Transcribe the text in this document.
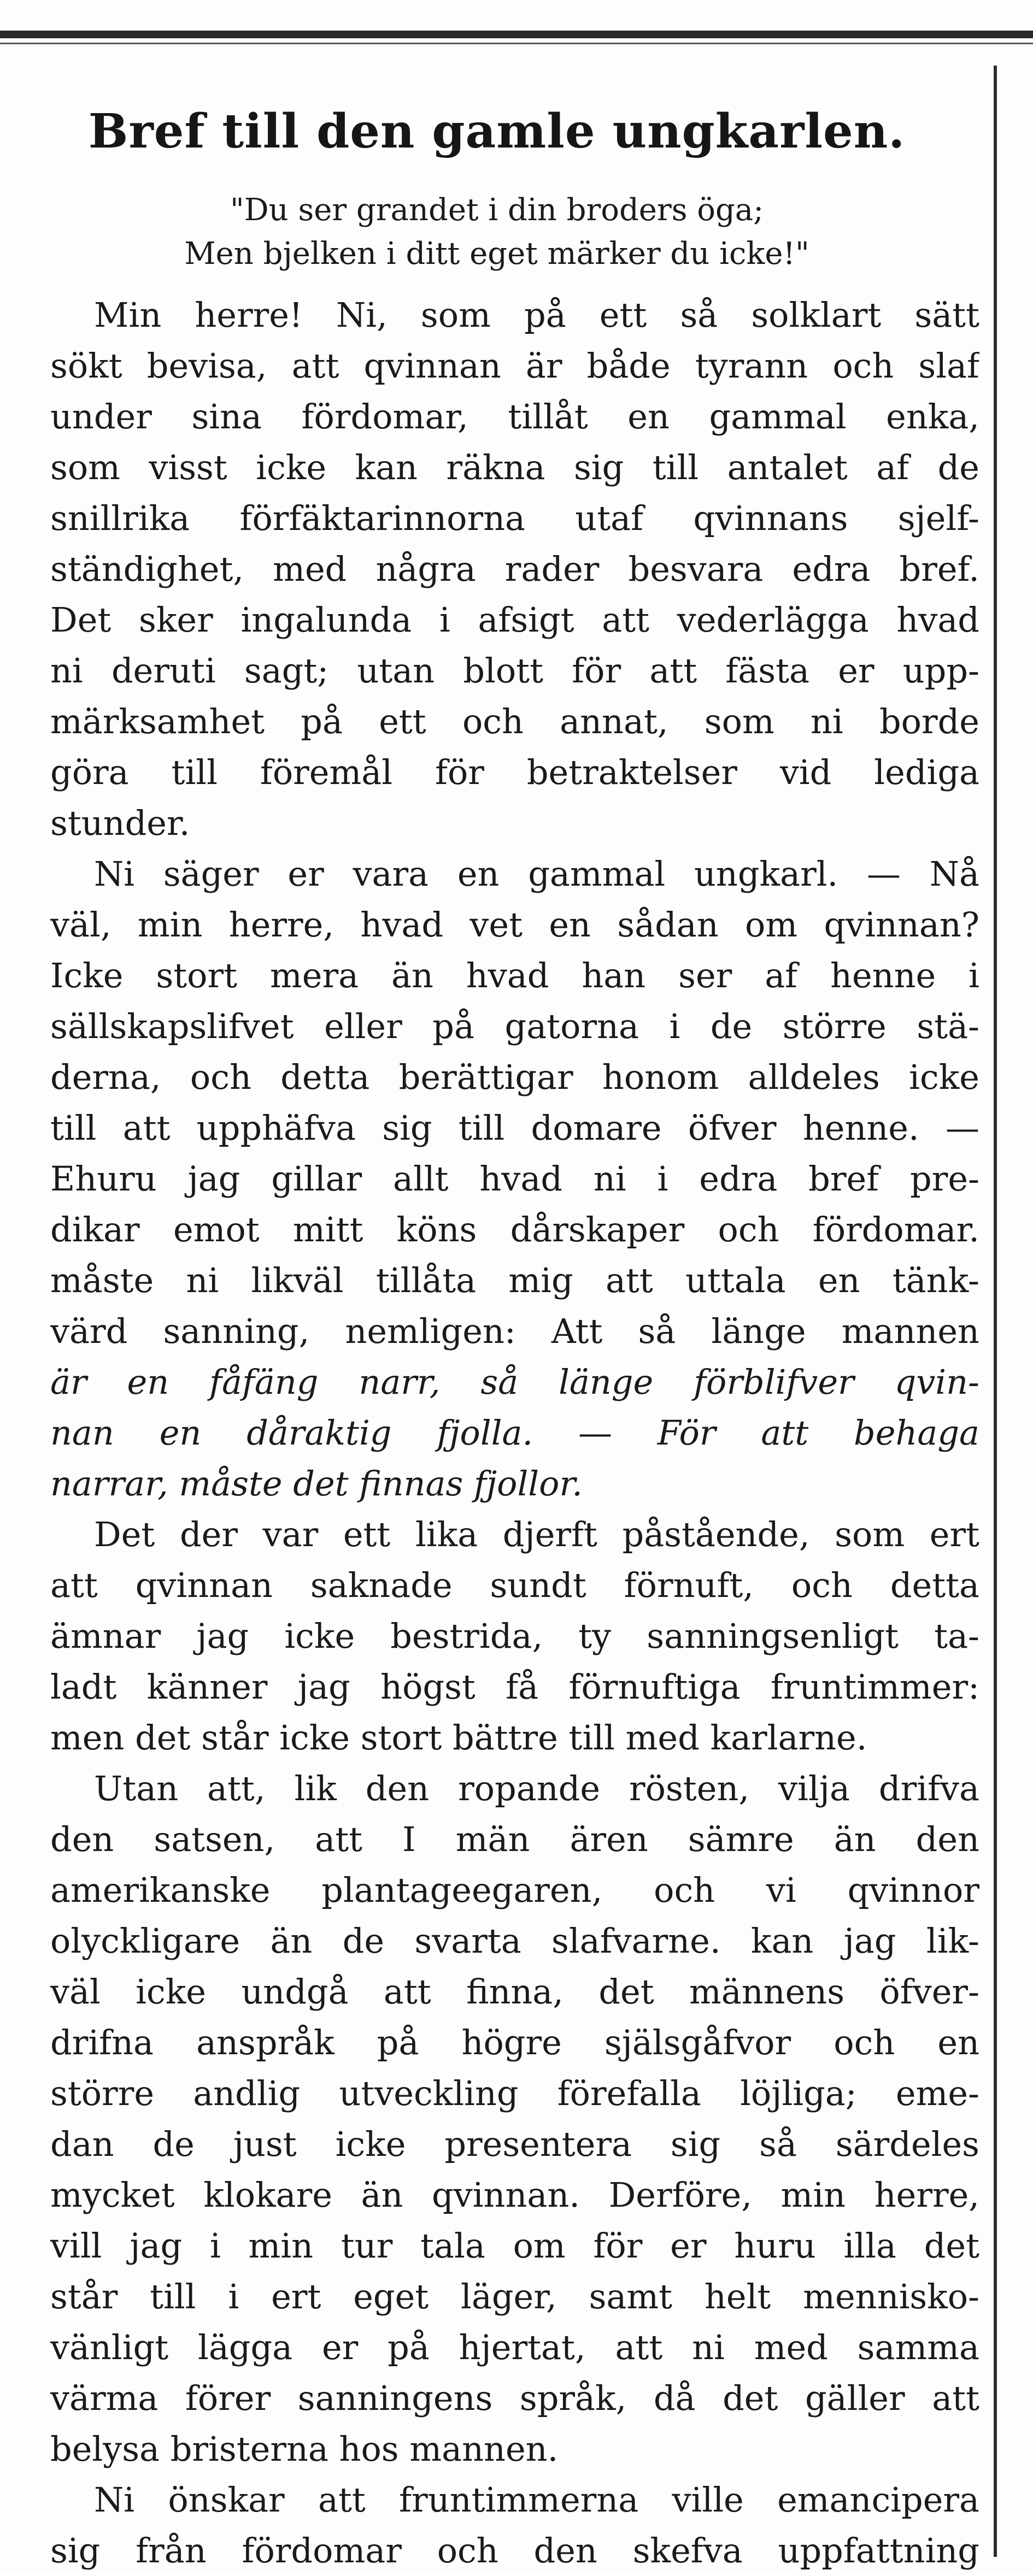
Bref till den gamle ungkarlen.
"Du ser grandet i din broders öga;
Men bjelken i ditt eget märker du icke!"
Min herre! Ni, som på ett så solklart sätt
sökt bevisa, att qvinnan är både tyrann och slaf
under sina fördomar, tillåt en gammal enka,
som visst icke kan räkna sig till antalet af de
snillrika förfäktarinnorna utaf qvinnans sjelf-
ständighet, med några rader besvara edra bref.
Det sker ingalunda i afsigt att vederlägga hvad
ni deruti sagt; utan blott för att fästa er upp-
märksamhet på ett och annat, som ni borde
göra till föremål för betraktelser vid lediga
stunder.
Ni säger er vara en gammal ungkarl. — Nå
väl, min herre, hvad vet en sådan om qvinnan?
Icke stort mera än hvad han ser af henne i
sällskapslifvet eller på gatorna i de större stä-
derna, och detta berättigar honom alldeles icke
till att upphäfva sig till domare öfver henne. —
Ehuru jag gillar allt hvad ni i edra bref pre-
dikar emot mitt köns dårskaper och fördomar.
måste ni likväl tillåta mig att uttala en tänk-
värd sanning, nemligen: Att så länge mannen
är en fåfäng narr, så länge förblifver qvin-
nan en dåraktig fjolla. — För att behaga
narrar, måste det finnas fjollor.
Det der var ett lika djerft påstående, som ert
att qvinnan saknade sundt förnuft, och detta
ämnar jag icke bestrida, ty sanningsenligt ta-
ladt känner jag högst få förnuftiga fruntimmer:
men det står icke stort bättre till med karlarne.
Utan att, lik den ropande rösten, vilja drifva
den satsen, att I män ären sämre än den
amerikanske plantageegaren, och vi qvinnor
olyckligare än de svarta slafvarne. kan jag lik-
väl icke undgå att finna, det männens öfver-
drifna anspråk på högre själsgåfvor och en
större andlig utveckling förefalla löjliga; eme-
dan de just icke presentera sig så särdeles
mycket klokare än qvinnan. Derföre, min herre,
vill jag i min tur tala om för er huru illa det
står till i ert eget läger, samt helt mennisko-
vänligt lägga er på hjertat, att ni med samma
värma förer sanningens språk, då det gäller att
belysa bristerna hos mannen.
Ni önskar att fruntimmerna ville emancipera
sig från fördomar och den skefva uppfattning
